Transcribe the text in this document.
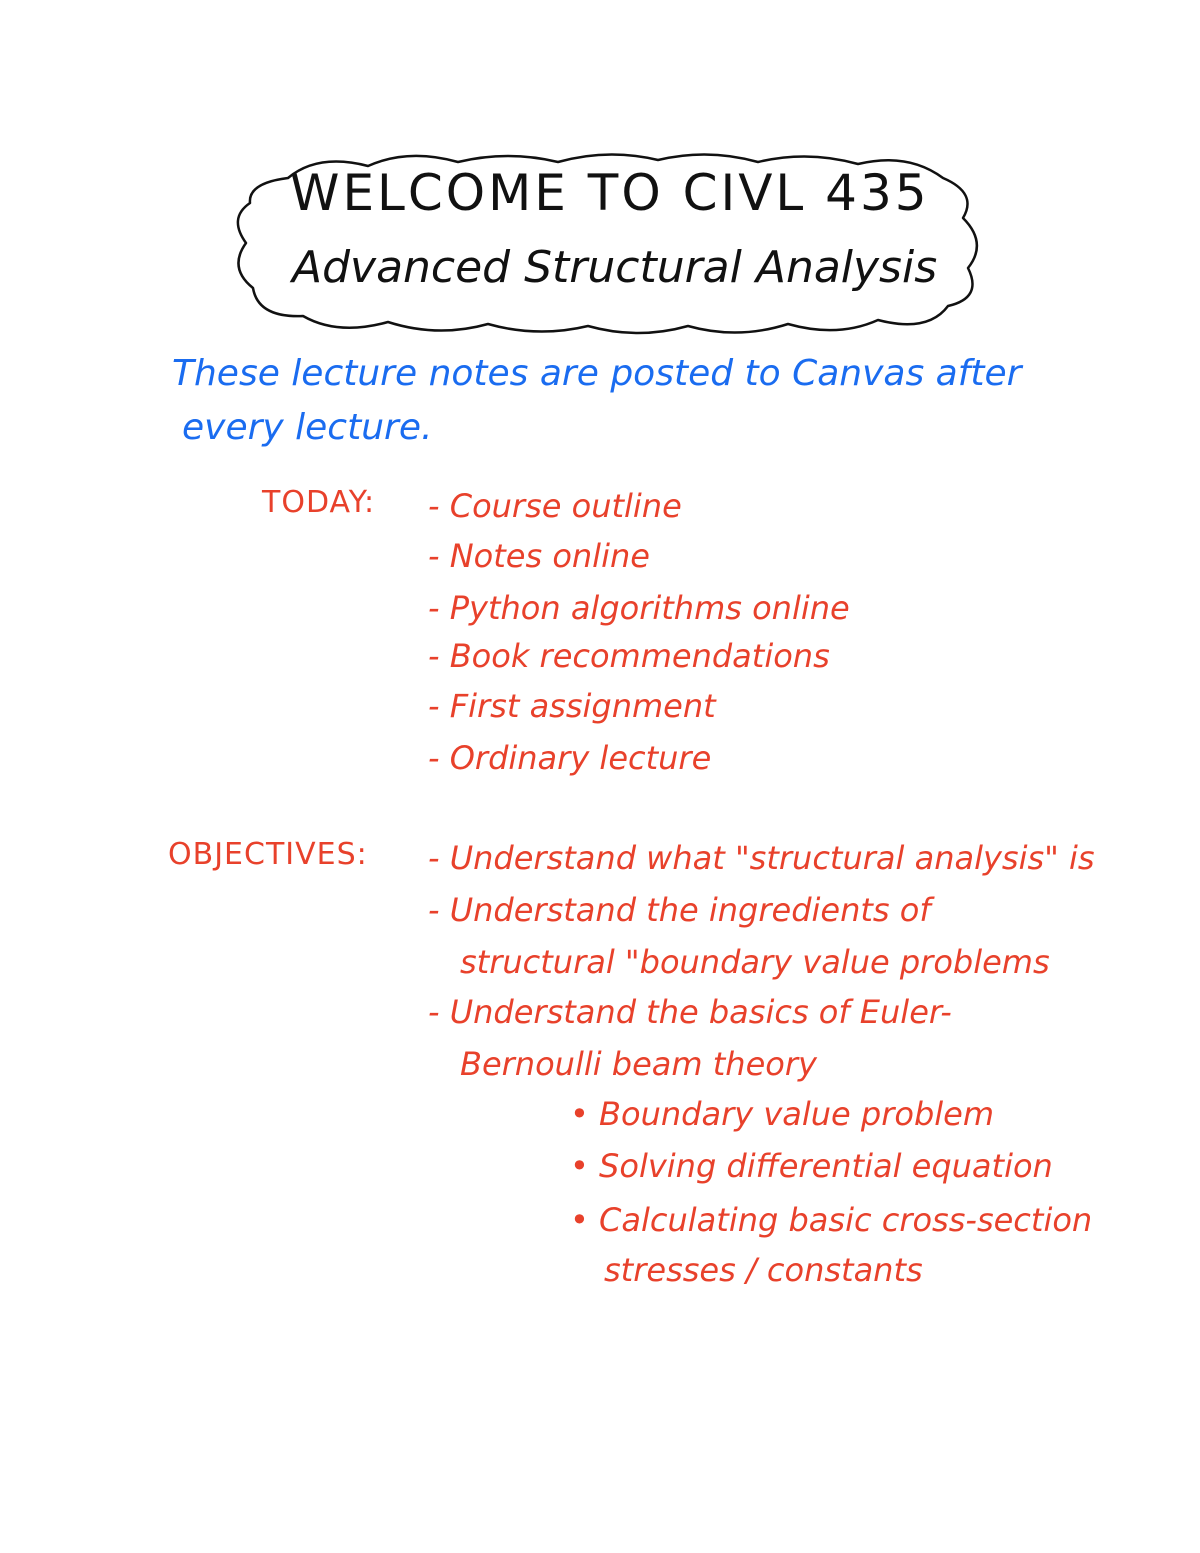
WELCOME TO CIVL 435
Advanced Structural Analysis
These lecture notes are posted to Canvas after
every lecture.
TODAY: - Course outline
- Notes online
- Python algorithms online
- Book recommendations
- First assignment
- Ordinary lecture
OBJECTIVES: - Understand what "structural analysis" is
- Understand the ingredients of
structural "boundary value problems
- Understand the basics of Euler-
Bernoulli beam theory
• Boundary value problem
• Solving differential equation
• Calculating basic cross-section
stresses / constants
